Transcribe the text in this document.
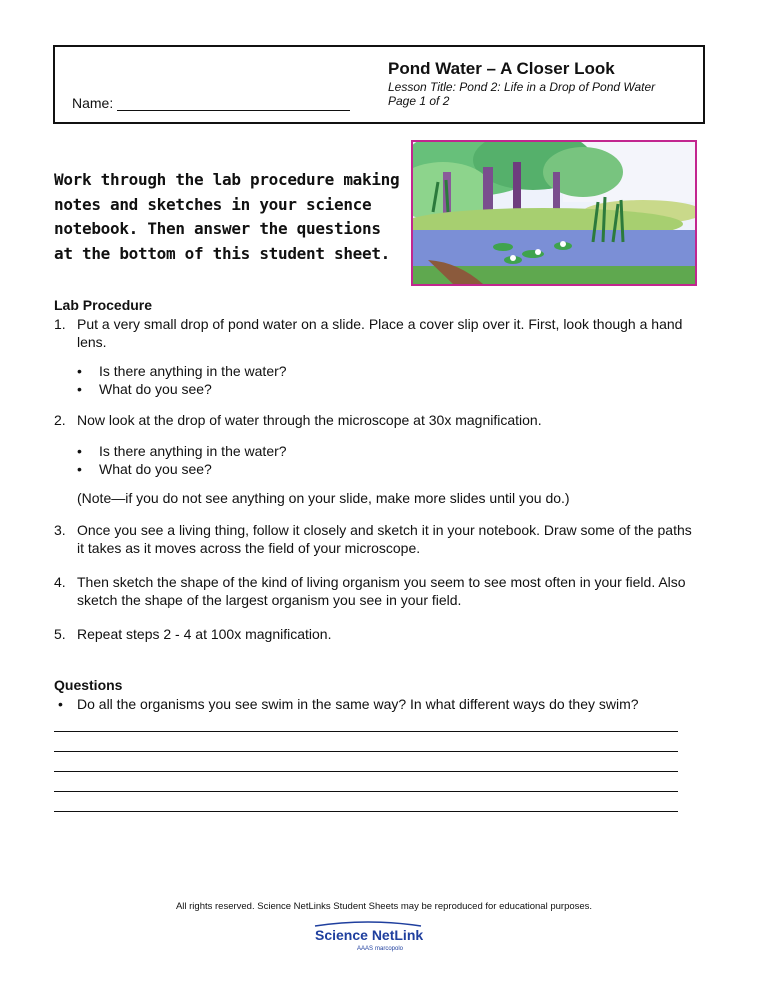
Name:
Pond Water – A Closer Look
Lesson Title: Pond 2: Life in a Drop of Pond Water
Page 1 of 2
Work through the lab procedure making notes and sketches in your science notebook. Then answer the questions at the bottom of this student sheet.
Lab Procedure
1. Put a very small drop of pond water on a slide. Place a cover slip over it. First, look though a hand lens.
• Is there anything in the water?
• What do you see?
2. Now look at the drop of water through the microscope at 30x magnification.
• Is there anything in the water?
• What do you see?
(Note—if you do not see anything on your slide, make more slides until you do.)
3. Once you see a living thing, follow it closely and sketch it in your notebook. Draw some of the paths it takes as it moves across the field of your microscope.
4. Then sketch the shape of the kind of living organism you seem to see most often in your field. Also sketch the shape of the largest organism you see in your field.
5. Repeat steps 2 - 4 at 100x magnification.
Questions
• Do all the organisms you see swim in the same way? In what different ways do they swim?
All rights reserved. Science NetLinks Student Sheets may be reproduced for educational purposes.
Science NetLinks
AAAS marcopolo
